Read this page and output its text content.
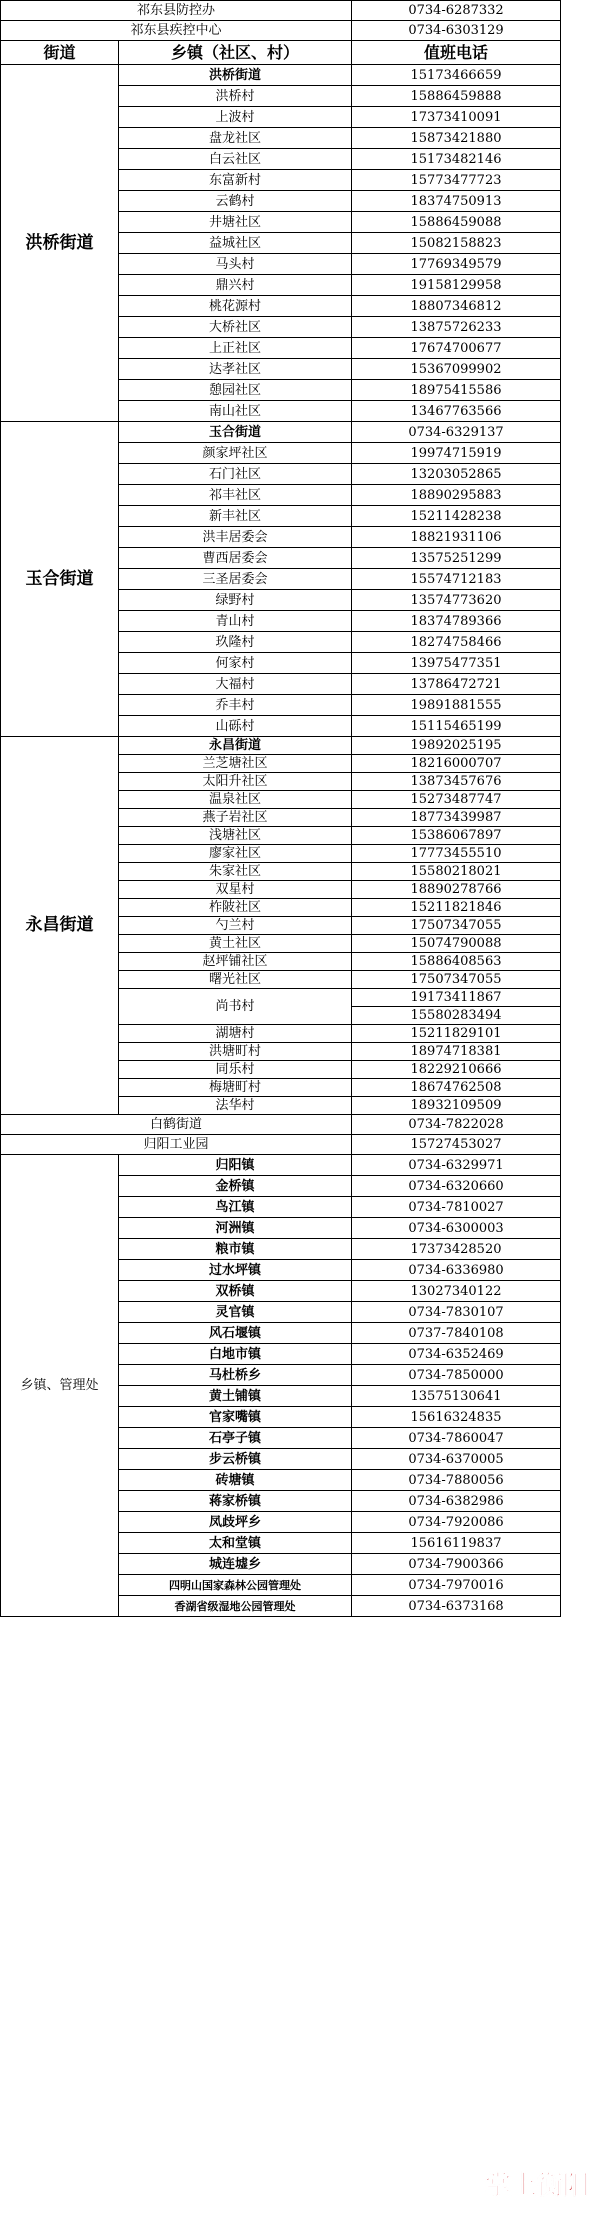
祁东县防控办		0734-6287332
祁东县疾控中心		0734-6303129
街道	乡镇（社区、村）	值班电话
洪桥街道	洪桥街道	15173466659
	洪桥村	15886459888
	上波村	17373410091
	盘龙社区	15873421880
	白云社区	15173482146
	东富新村	15773477723
	云鹤村	18374750913
	井塘社区	15886459088
	益城社区	15082158823
	马头村	17769349579
	鼎兴村	19158129958
	桃花源村	18807346812
	大桥社区	13875726233
	上正社区	17674700677
	达孝社区	15367099902
	憩园社区	18975415586
	南山社区	13467763566
玉合街道	玉合街道	0734-6329137
	颜家坪社区	19974715919
	石门社区	13203052865
	祁丰社区	18890295883
	新丰社区	15211428238
	洪丰居委会	18821931106
	曹西居委会	13575251299
	三圣居委会	15574712183
	绿野村	13574773620
	青山村	18374789366
	玖隆村	18274758466
	何家村	13975477351
	大福村	13786472721
	乔丰村	19891881555
	山砾村	15115465199
永昌街道	永昌街道	19892025195
	兰芝塘社区	18216000707
	太阳升社区	13873457676
	温泉社区	15273487747
	燕子岩社区	18773439987
	浅塘社区	15386067897
	廖家社区	17773455510
	朱家社区	15580218021
	双星村	18890278766
	柞陂社区	15211821846
	勺兰村	17507347055
	黄土社区	15074790088
	赵坪铺社区	15886408563
	曙光社区	17507347055
	尚书村	19173411867
		15580283494
	湖塘村	15211829101
	洪塘町村	18974718381
	同乐村	18229210666
	梅塘町村	18674762508
	法华村	18932109509
白鹤街道		0734-7822028
归阳工业园		15727453027
乡镇、管理处	归阳镇	0734-6329971
	金桥镇	0734-6320660
	鸟江镇	0734-7810027
	河洲镇	0734-6300003
	粮市镇	17373428520
	过水坪镇	0734-6336980
	双桥镇	13027340122
	灵官镇	0734-7830107
	风石堰镇	0737-7840108
	白地市镇	0734-6352469
	马杜桥乡	0734-7850000
	黄土铺镇	13575130641
	官家嘴镇	15616324835
	石亭子镇	0734-7860047
	步云桥镇	0734-6370005
	砖塘镇	0734-7880056
	蒋家桥镇	0734-6382986
	凤歧坪乡	0734-7920086
	太和堂镇	15616119837
	城连墟乡	0734-7900366
	四明山国家森林公园管理处	0734-7970016
	香湖省级湿地公园管理处	0734-6373168
掌上衡阳
